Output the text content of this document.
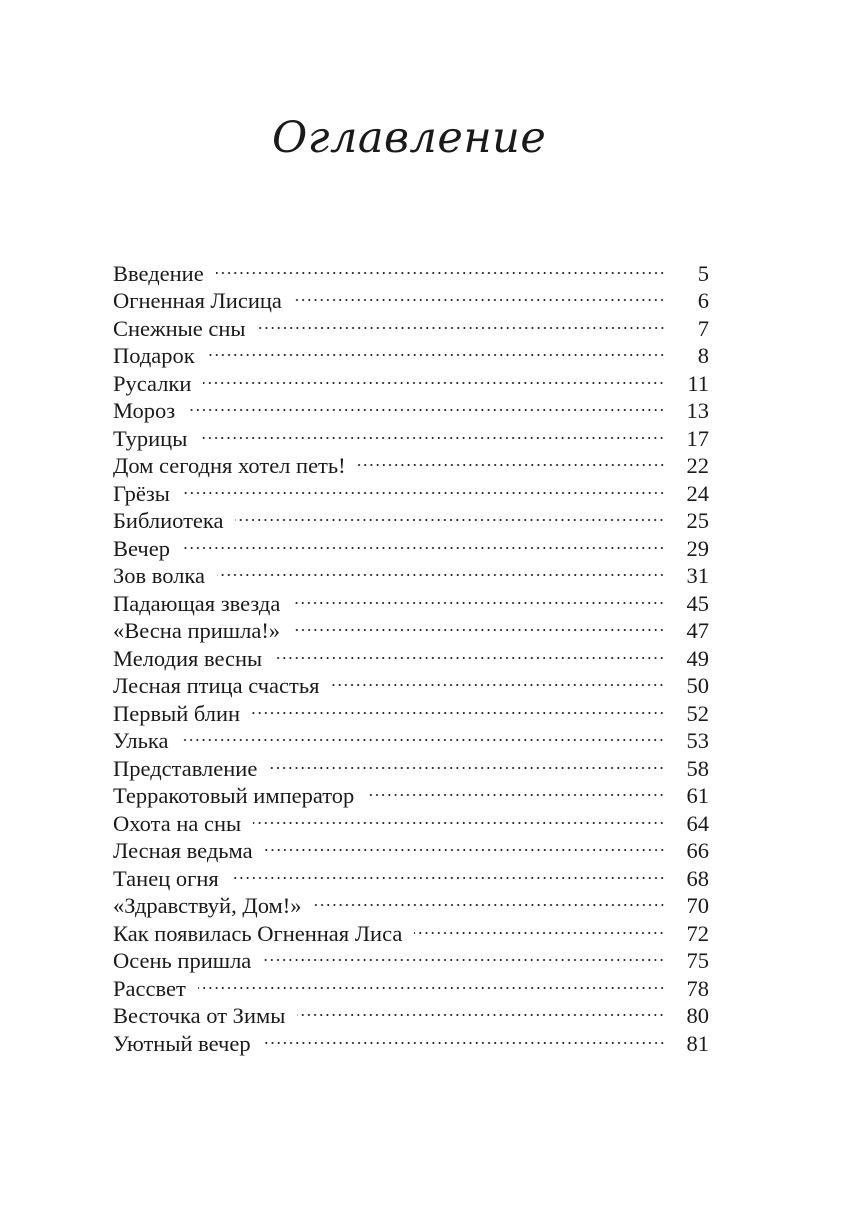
Оглавление
Введение	5
Огненная Лисица	6
Снежные сны	7
Подарок	8
Русалки	11
Мороз	13
Турицы	17
Дом сегодня хотел петь!	22
Грёзы	24
Библиотека	25
Вечер	29
Зов волка	31
Падающая звезда	45
«Весна пришла!»	47
Мелодия весны	49
Лесная птица счастья	50
Первый блин	52
Улька	53
Представление	58
Терракотовый император	61
Охота на сны	64
Лесная ведьма	66
Танец огня	68
«Здравствуй, Дом!»	70
Как появилась Огненная Лиса	72
Осень пришла	75
Рассвет	78
Весточка от Зимы	80
Уютный вечер	81
